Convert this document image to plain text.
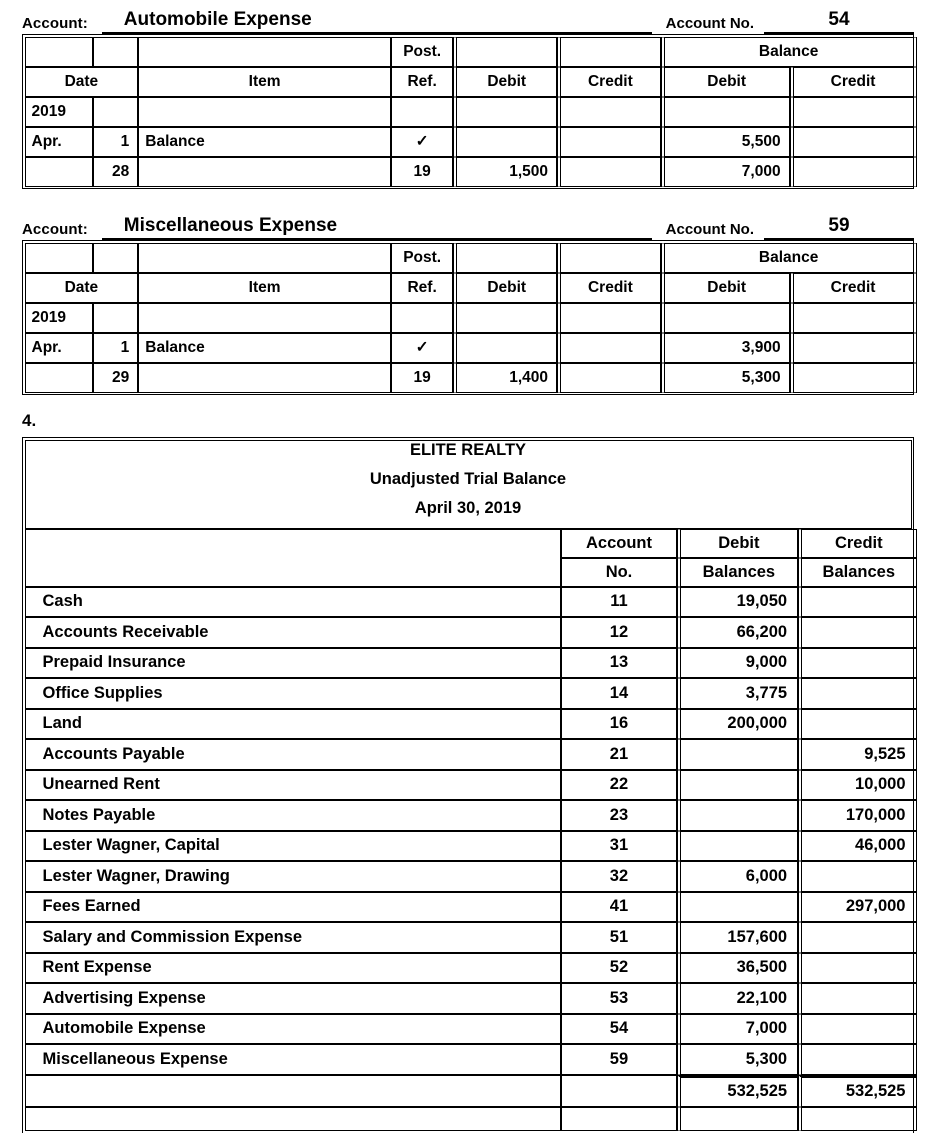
Account:	Automobile Expense	Account No.	54
			Post.			Balance	
Date		Item	Ref.	Debit	Credit	Debit	Credit
2019							
Apr.	1	Balance	✓			5,500	
	28		19	1,500		7,000	
Account:	Miscellaneous Expense	Account No.	59
			Post.			Balance	
Date		Item	Ref.	Debit	Credit	Debit	Credit
2019							
Apr.	1	Balance	✓			3,900	
	29		19	1,400		5,300	
4.
ELITE REALTY
Unadjusted Trial Balance
April 30, 2019
	Account	Debit	Credit
	No.	Balances	Balances
Cash	11	19,050	
Accounts Receivable	12	66,200	
Prepaid Insurance	13	9,000	
Office Supplies	14	3,775	
Land	16	200,000	
Accounts Payable	21		9,525
Unearned Rent	22		10,000
Notes Payable	23		170,000
Lester Wagner, Capital	31		46,000
Lester Wagner, Drawing	32	6,000	
Fees Earned	41		297,000
Salary and Commission Expense	51	157,600	
Rent Expense	52	36,500	
Advertising Expense	53	22,100	
Automobile Expense	54	7,000	
Miscellaneous Expense	59	5,300	
		532,525	532,525
